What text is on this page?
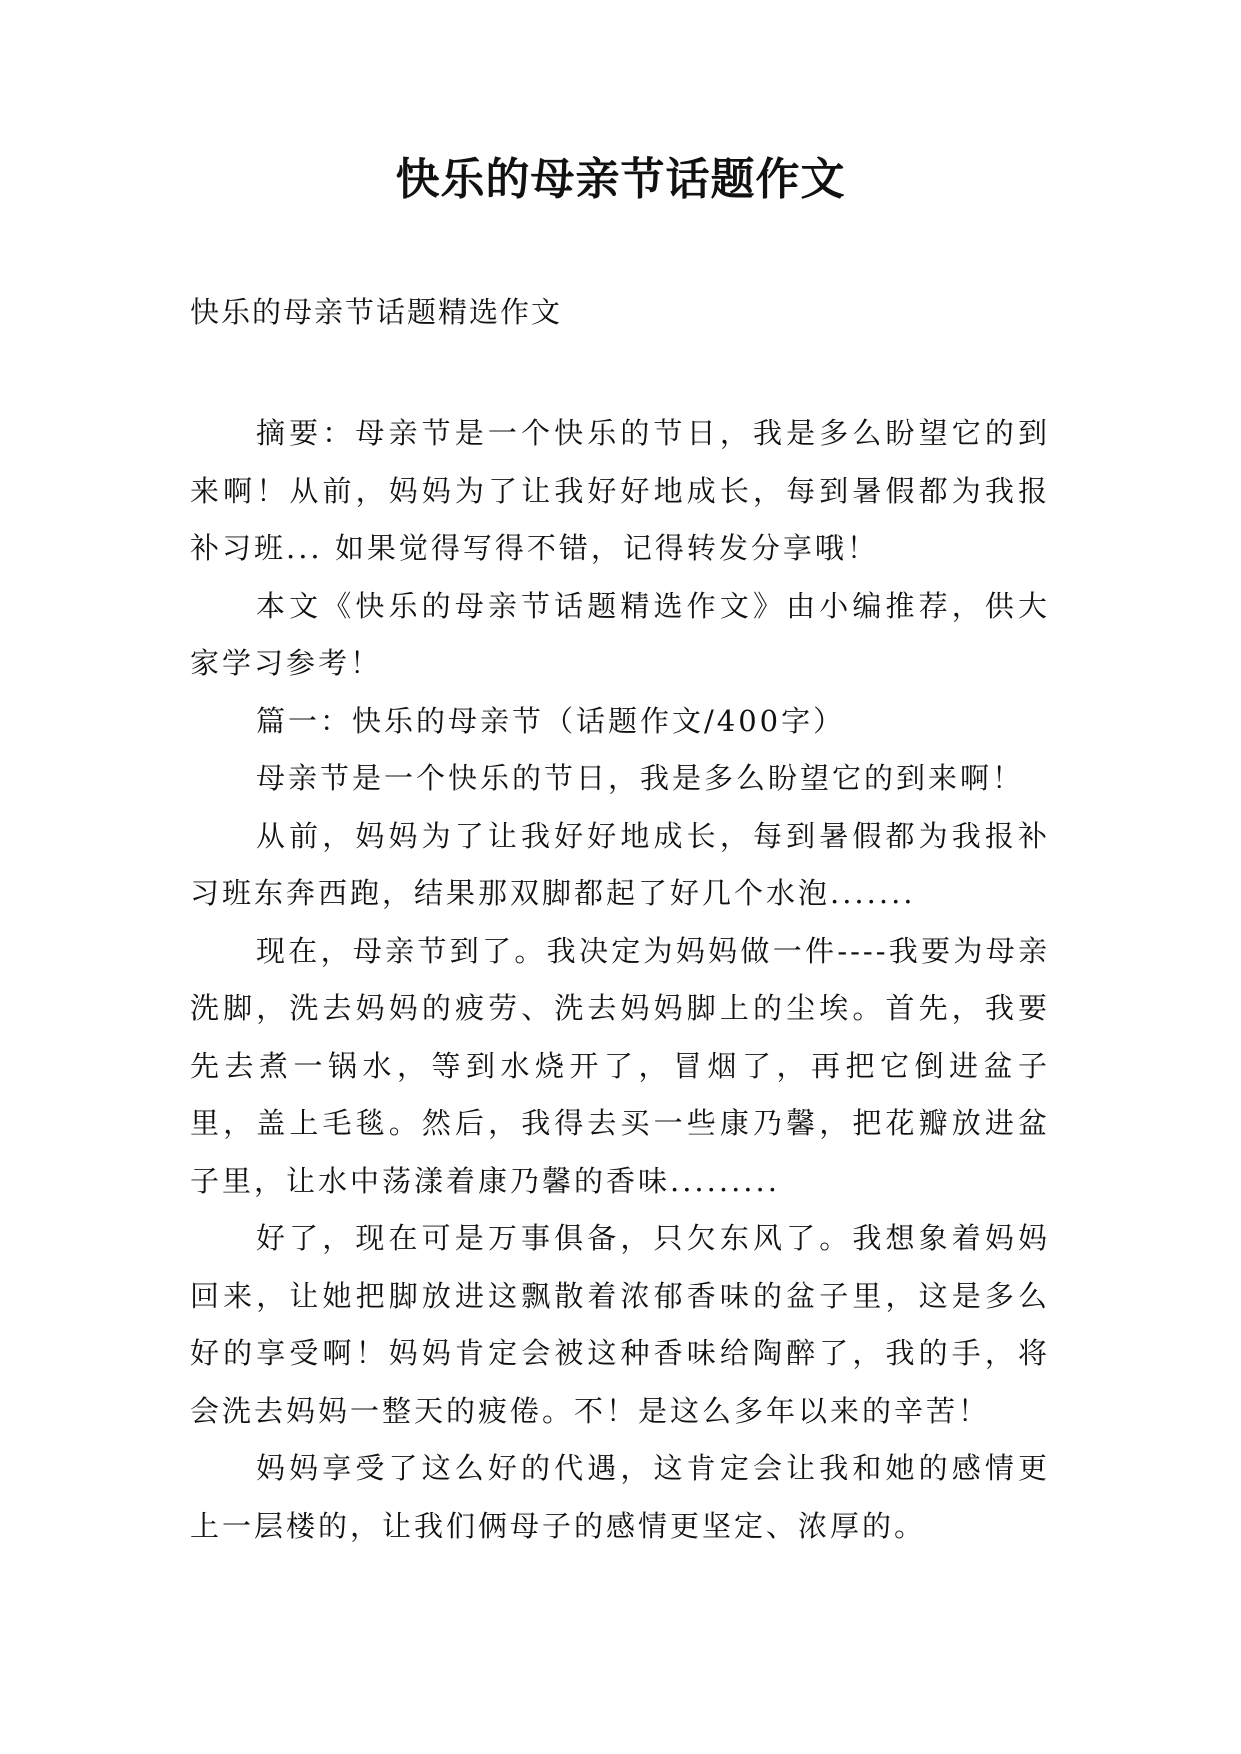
快乐的母亲节话题作文
快乐的母亲节话题精选作文

摘要：母亲节是一个快乐的节日，我是多么盼望它的到来啊！从前，妈妈为了让我好好地成长，每到暑假都为我报补习班... 如果觉得写得不错，记得转发分享哦！

本文《快乐的母亲节话题精选作文》由小编推荐，供大家学习参考！

篇一：快乐的母亲节（话题作文/400字）

母亲节是一个快乐的节日，我是多么盼望它的到来啊！

从前，妈妈为了让我好好地成长，每到暑假都为我报补习班东奔西跑，结果那双脚都起了好几个水泡.......

现在，母亲节到了。我决定为妈妈做一件----我要为母亲洗脚，洗去妈妈的疲劳、洗去妈妈脚上的尘埃。首先，我要先去煮一锅水，等到水烧开了，冒烟了，再把它倒进盆子里，盖上毛毯。然后，我得去买一些康乃馨，把花瓣放进盆子里，让水中荡漾着康乃馨的香味.........

好了，现在可是万事俱备，只欠东风了。我想象着妈妈回来，让她把脚放进这飘散着浓郁香味的盆子里，这是多么好的享受啊！妈妈肯定会被这种香味给陶醉了，我的手，将会洗去妈妈一整天的疲倦。不！是这么多年以来的辛苦！

妈妈享受了这么好的代遇，这肯定会让我和她的感情更上一层楼的，让我们俩母子的感情更坚定、浓厚的。
